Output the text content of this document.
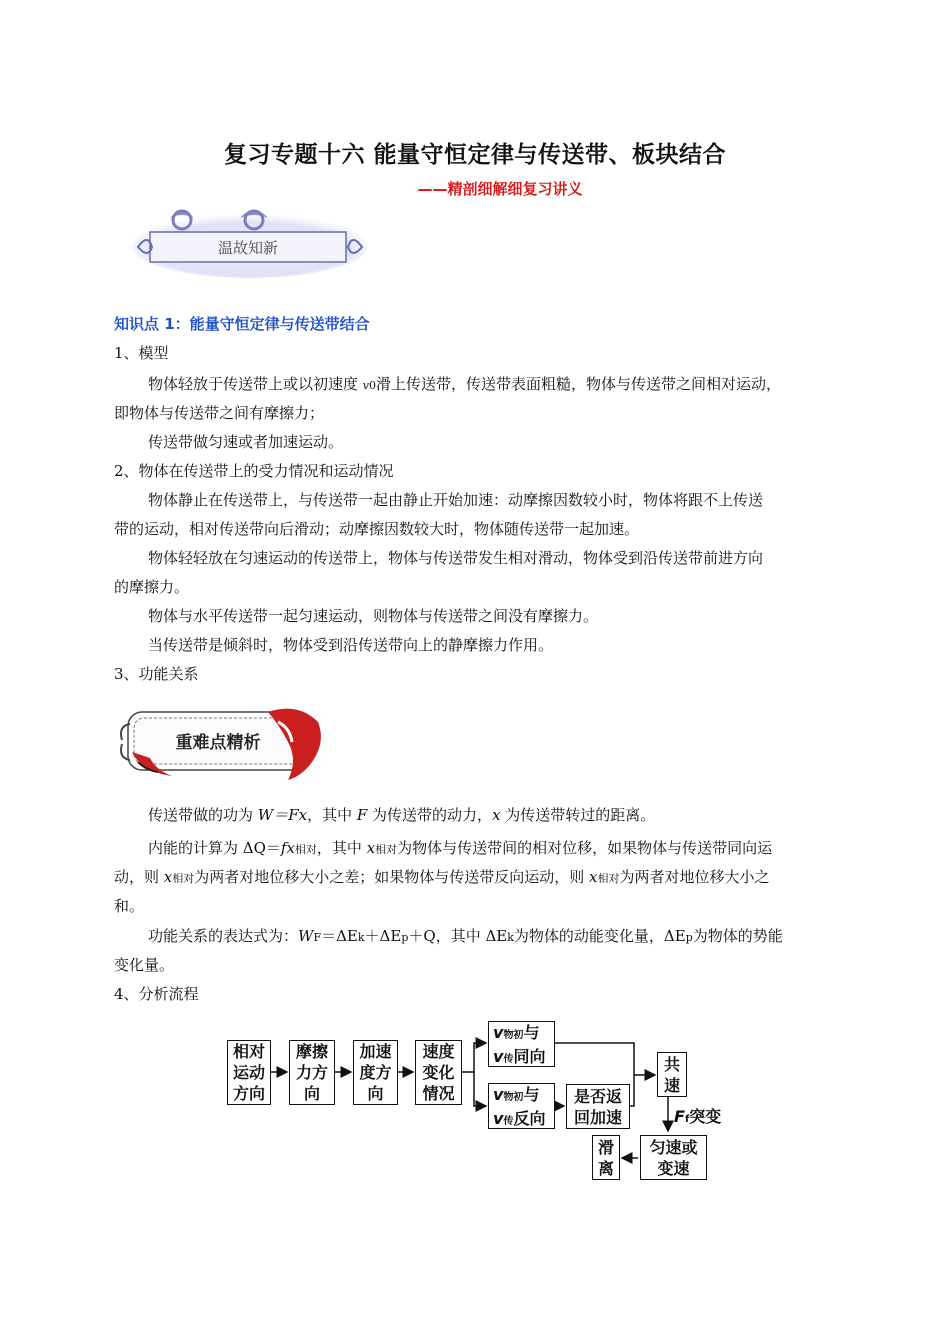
复习专题十六 能量守恒定律与传送带、板块结合
——精剖细解细复习讲义
温故知新
知识点 1：能量守恒定律与传送带结合
1、模型
物体轻放于传送带上或以初速度 v0滑上传送带，传送带表面粗糙，物体与传送带之间相对运动，
即物体与传送带之间有摩擦力；
传送带做匀速或者加速运动。
2、物体在传送带上的受力情况和运动情况
物体静止在传送带上，与传送带一起由静止开始加速：动摩擦因数较小时，物体将跟不上传送
带的运动，相对传送带向后滑动；动摩擦因数较大时，物体随传送带一起加速。
物体轻轻放在匀速运动的传送带上，物体与传送带发生相对滑动，物体受到沿传送带前进方向
的摩擦力。
物体与水平传送带一起匀速运动，则物体与传送带之间没有摩擦力。
当传送带是倾斜时，物体受到沿传送带向上的静摩擦力作用。
3、功能关系
重难点精析
传送带做的功为 W＝Fx，其中 F 为传送带的动力，x 为传送带转过的距离。
内能的计算为 ΔQ＝fx相对，其中 x相对为物体与传送带间的相对位移，如果物体与传送带同向运
动，则 x相对为两者对地位移大小之差；如果物体与传送带反向运动，则 x相对为两者对地位移大小之
和。
功能关系的表达式为：WF＝ΔEk＋ΔEp＋Q，其中 ΔEk为物体的动能变化量，ΔEp为物体的势能
变化量。
4、分析流程
相对
运动
方向
摩擦
力方
向
加速
度方
向
速度
变化
情况
v物初与
v传同向
v物初与
v传反向
是否返
回加速
共
速
Ff突变
匀速或
变速
滑
离
